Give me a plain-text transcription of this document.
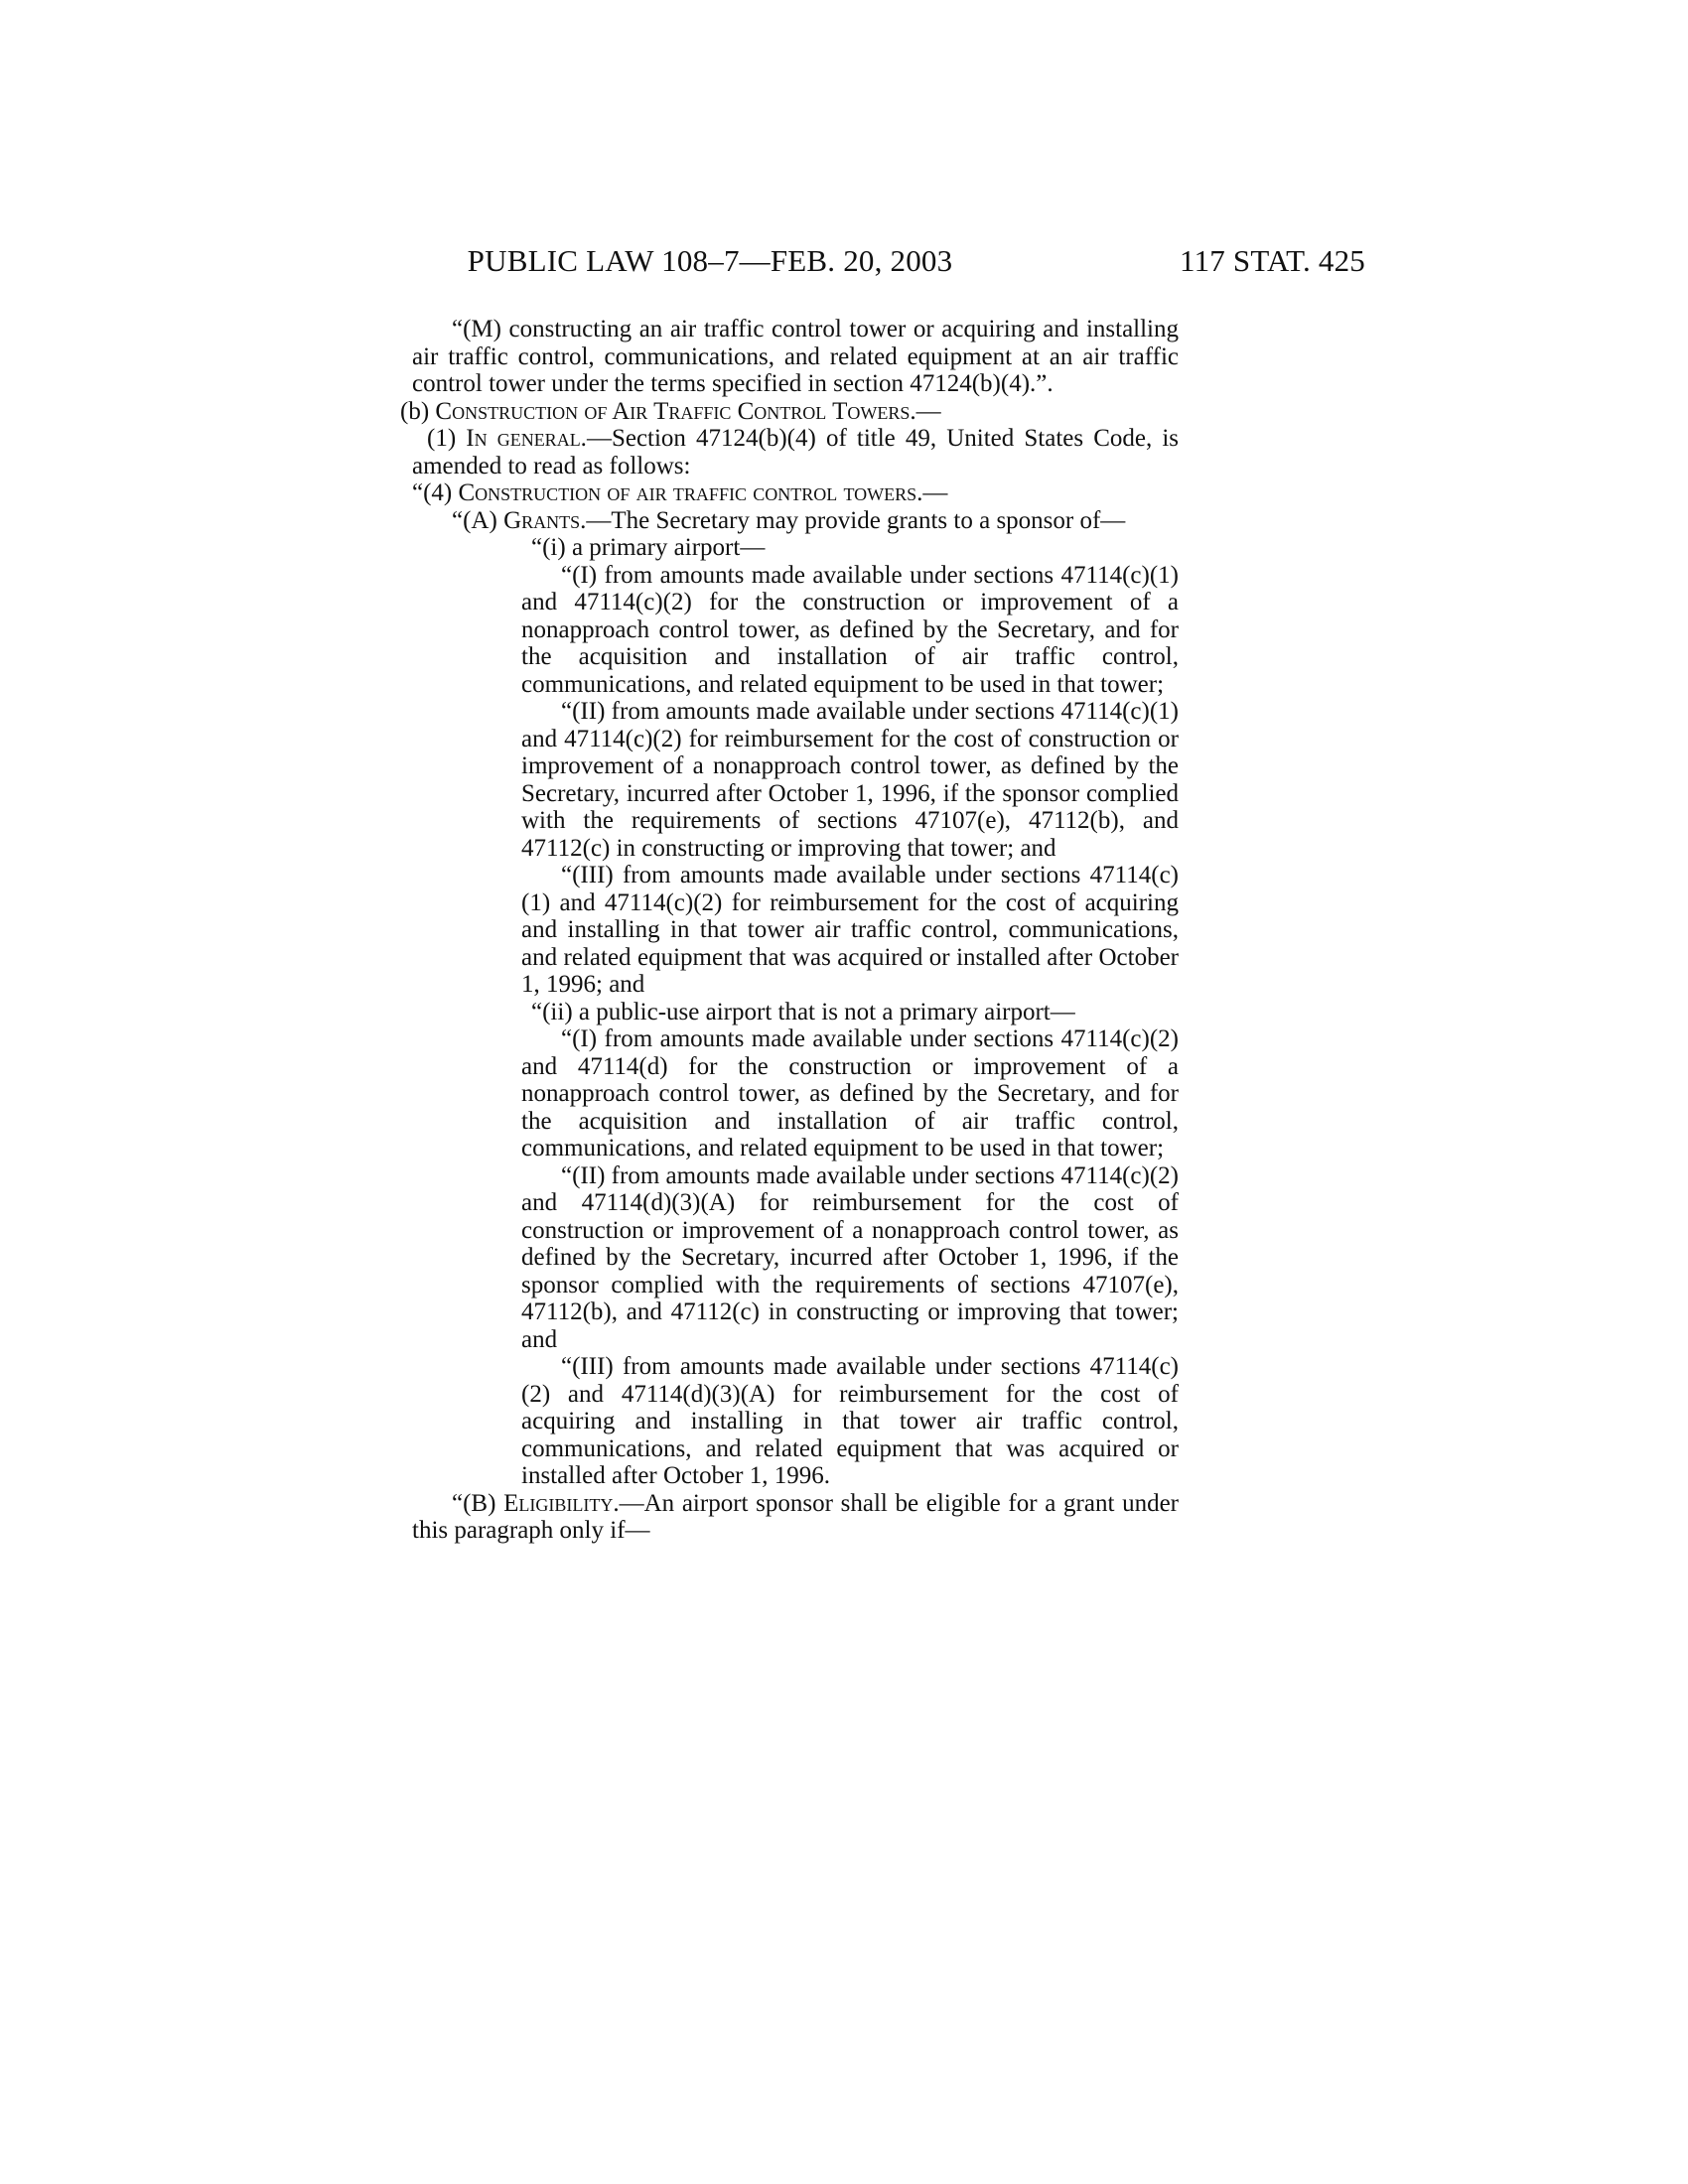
PUBLIC LAW 108–7—FEB. 20, 2003	117 STAT. 425

“(M) constructing an air traffic control tower or acquiring and installing air traffic control, communications, and related equipment at an air traffic control tower under the terms specified in section 47124(b)(4).”.

(b) Construction of Air Traffic Control Towers.—

(1) In general.—Section 47124(b)(4) of title 49, United States Code, is amended to read as follows:

“(4) Construction of air traffic control towers.—

“(A) Grants.—The Secretary may provide grants to a sponsor of—

“(i) a primary airport—

“(I) from amounts made available under sections 47114(c)(1) and 47114(c)(2) for the construction or improvement of a nonapproach control tower, as defined by the Secretary, and for the acquisition and installation of air traffic control, communications, and related equipment to be used in that tower;

“(II) from amounts made available under sections 47114(c)(1) and 47114(c)(2) for reimbursement for the cost of construction or improvement of a nonapproach control tower, as defined by the Secretary, incurred after October 1, 1996, if the sponsor complied with the requirements of sections 47107(e), 47112(b), and 47112(c) in constructing or improving that tower; and

“(III) from amounts made available under sections 47114(c)(1) and 47114(c)(2) for reimbursement for the cost of acquiring and installing in that tower air traffic control, communications, and related equipment that was acquired or installed after October 1, 1996; and

“(ii) a public-use airport that is not a primary airport—

“(I) from amounts made available under sections 47114(c)(2) and 47114(d) for the construction or improvement of a nonapproach control tower, as defined by the Secretary, and for the acquisition and installation of air traffic control, communications, and related equipment to be used in that tower;

“(II) from amounts made available under sections 47114(c)(2) and 47114(d)(3)(A) for reimbursement for the cost of construction or improvement of a nonapproach control tower, as defined by the Secretary, incurred after October 1, 1996, if the sponsor complied with the requirements of sections 47107(e), 47112(b), and 47112(c) in constructing or improving that tower; and

“(III) from amounts made available under sections 47114(c)(2) and 47114(d)(3)(A) for reimbursement for the cost of acquiring and installing in that tower air traffic control, communications, and related equipment that was acquired or installed after October 1, 1996.

“(B) Eligibility.—An airport sponsor shall be eligible for a grant under this paragraph only if—
